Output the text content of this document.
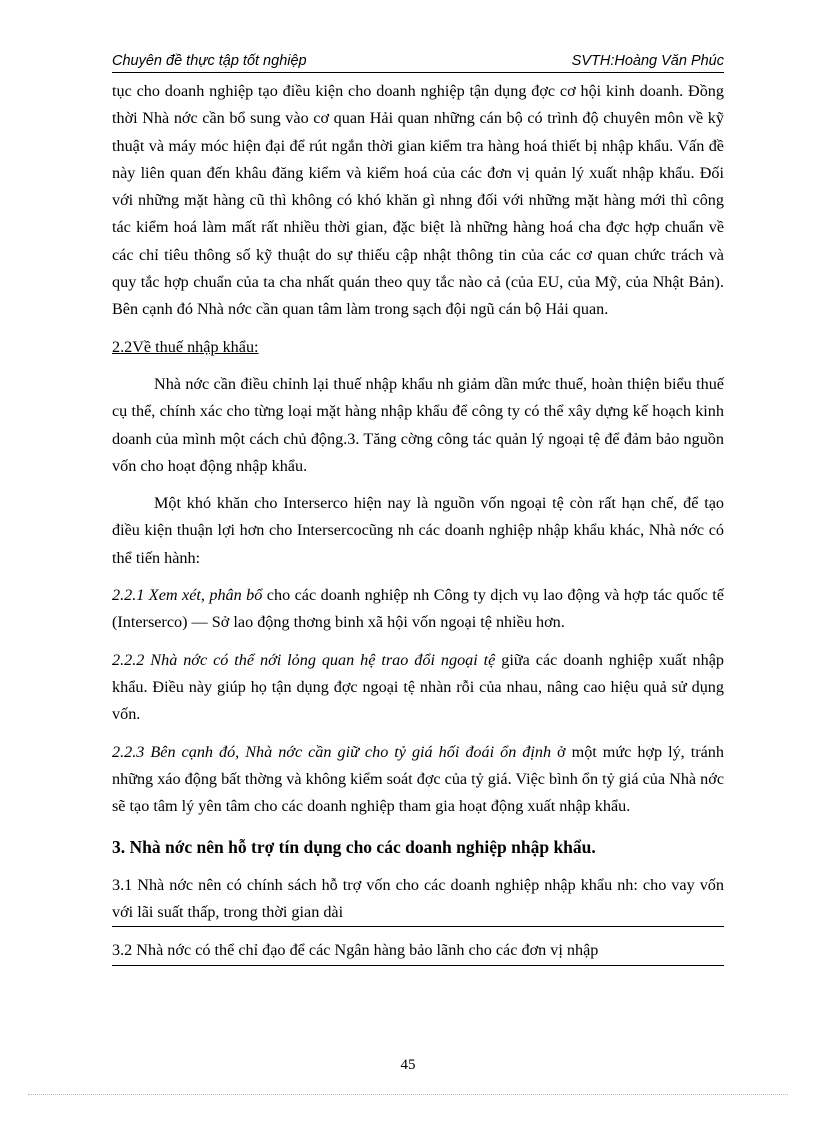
Chuyên đề thực tập tốt nghiệp	SVTH:Hoàng Văn Phúc

tục cho doanh nghiệp tạo điều kiện cho doanh nghiệp tận dụng đợc cơ hội kinh doanh. Đồng thời Nhà nớc cần bổ sung vào cơ quan Hải quan những cán bộ có trình độ chuyên môn về kỹ thuật và máy móc hiện đại để rút ngắn thời gian kiểm tra hàng hoá thiết bị nhập khẩu. Vấn đề này liên quan đến khâu đăng kiểm và kiểm hoá của các đơn vị quản lý xuất nhập khẩu. Đối với những mặt hàng cũ thì không có khó khăn gì nhng đối với những mặt hàng mới thì công tác kiểm hoá làm mất rất nhiều thời gian, đặc biệt là những hàng hoá cha đợc hợp chuẩn về các chỉ tiêu thông số kỹ thuật do sự thiếu cập nhật thông tin của các cơ quan chức trách và quy tắc hợp chuẩn của ta cha nhất quán theo quy tắc nào cả (của EU, của Mỹ, của Nhật Bản). Bên cạnh đó Nhà nớc cần quan tâm làm trong sạch đội ngũ cán bộ Hải quan.

2.2Về thuế nhập khẩu:

Nhà nớc cần điều chỉnh lại thuế nhập khẩu nh giảm dần mức thuế, hoàn thiện biểu thuế cụ thể, chính xác cho từng loại mặt hàng nhập khẩu để công ty có thể xây dựng kế hoạch kinh doanh của mình một cách chủ động.3. Tăng cờng công tác quản lý ngoại tệ để đảm bảo nguồn vốn cho hoạt động nhập khẩu.

Một khó khăn cho Interserco hiện nay là nguồn vốn ngoại tệ còn rất hạn chế, để tạo điều kiện thuận lợi hơn cho Intersercocũng nh các doanh nghiệp nhập khẩu khác, Nhà nớc có thể tiến hành:

2.2.1 Xem xét, phân bổ cho các doanh nghiệp nh Công ty dịch vụ lao động và hợp tác quốc tế (Interserco) — Sở lao động thơng binh xã hội vốn ngoại tệ nhiều hơn.

2.2.2 Nhà nớc có thể nới lỏng quan hệ trao đổi ngoại tệ giữa các doanh nghiệp xuất nhập khẩu. Điều này giúp họ tận dụng đợc ngoại tệ nhàn rỗi của nhau, nâng cao hiệu quả sử dụng vốn.

2.2.3 Bên cạnh đó, Nhà nớc cần giữ cho tỷ giá hối đoái ổn định ở một mức hợp lý, tránh những xáo động bất thờng và không kiểm soát đợc của tỷ giá. Việc bình ổn tỷ giá của Nhà nớc sẽ tạo tâm lý yên tâm cho các doanh nghiệp tham gia hoạt động xuất nhập khẩu.

3. Nhà nớc nên hỗ trợ tín dụng cho các doanh nghiệp nhập khẩu.

3.1 Nhà nớc nên có chính sách hỗ trợ vốn cho các doanh nghiệp nhập khẩu nh: cho vay vốn với lãi suất thấp, trong thời gian dài

3.2 Nhà nớc có thể chỉ đạo để các Ngân hàng bảo lãnh cho các đơn vị nhập

45
